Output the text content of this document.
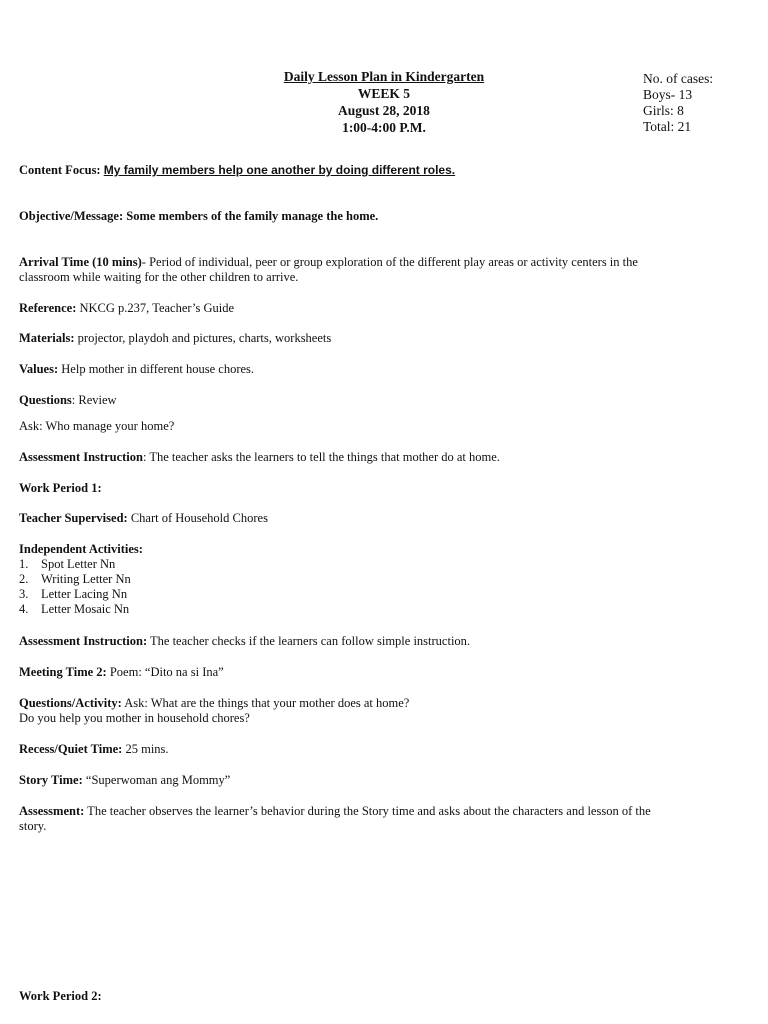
Daily Lesson Plan in Kindergarten
WEEK 5
August 28, 2018
1:00-4:00 P.M.
No. of cases:
Boys- 13
Girls: 8
Total: 21
Content Focus: My family members help one another by doing different roles.
Objective/Message: Some members of the family manage the home.
Arrival Time (10 mins)- Period of individual, peer or group exploration of the different play areas or activity centers in the
classroom while waiting for the other children to arrive.
Reference: NKCG p.237, Teacher’s Guide
Materials: projector, playdoh and pictures, charts, worksheets
Values: Help mother in different house chores.
Questions: Review
Ask: Who manage your home?
Assessment Instruction: The teacher asks the learners to tell the things that mother do at home.
Work Period 1:
Teacher Supervised: Chart of Household Chores
Independent Activities:
1. Spot Letter Nn
2. Writing Letter Nn
3. Letter Lacing Nn
4. Letter Mosaic Nn
Assessment Instruction: The teacher checks if the learners can follow simple instruction.
Meeting Time 2: Poem: “Dito na si Ina”
Questions/Activity: Ask: What are the things that your mother does at home?
Do you help you mother in household chores?
Recess/Quiet Time: 25 mins.
Story Time: “Superwoman ang Mommy”
Assessment: The teacher observes the learner’s behavior during the Story time and asks about the characters and lesson of the
story.
Work Period 2:
